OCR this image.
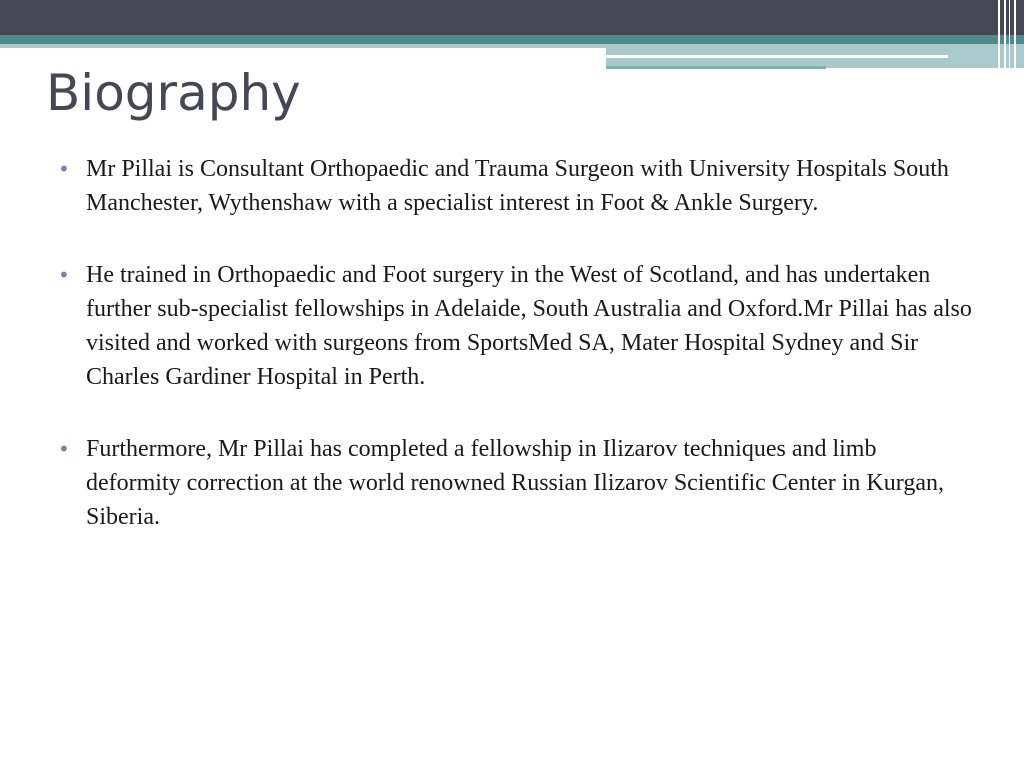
Biography
• Mr Pillai is Consultant Orthopaedic and Trauma Surgeon with University Hospitals South Manchester, Wythenshaw with a specialist interest in Foot & Ankle Surgery.
• He trained in Orthopaedic and Foot surgery in the West of Scotland, and has undertaken further sub-specialist fellowships in Adelaide, South Australia and Oxford.Mr Pillai has also visited and worked with surgeons from SportsMed SA, Mater Hospital Sydney and Sir Charles Gardiner Hospital in Perth.
• Furthermore, Mr Pillai has completed a fellowship in Ilizarov techniques and limb deformity correction at the world renowned Russian Ilizarov Scientific Center in Kurgan, Siberia.
